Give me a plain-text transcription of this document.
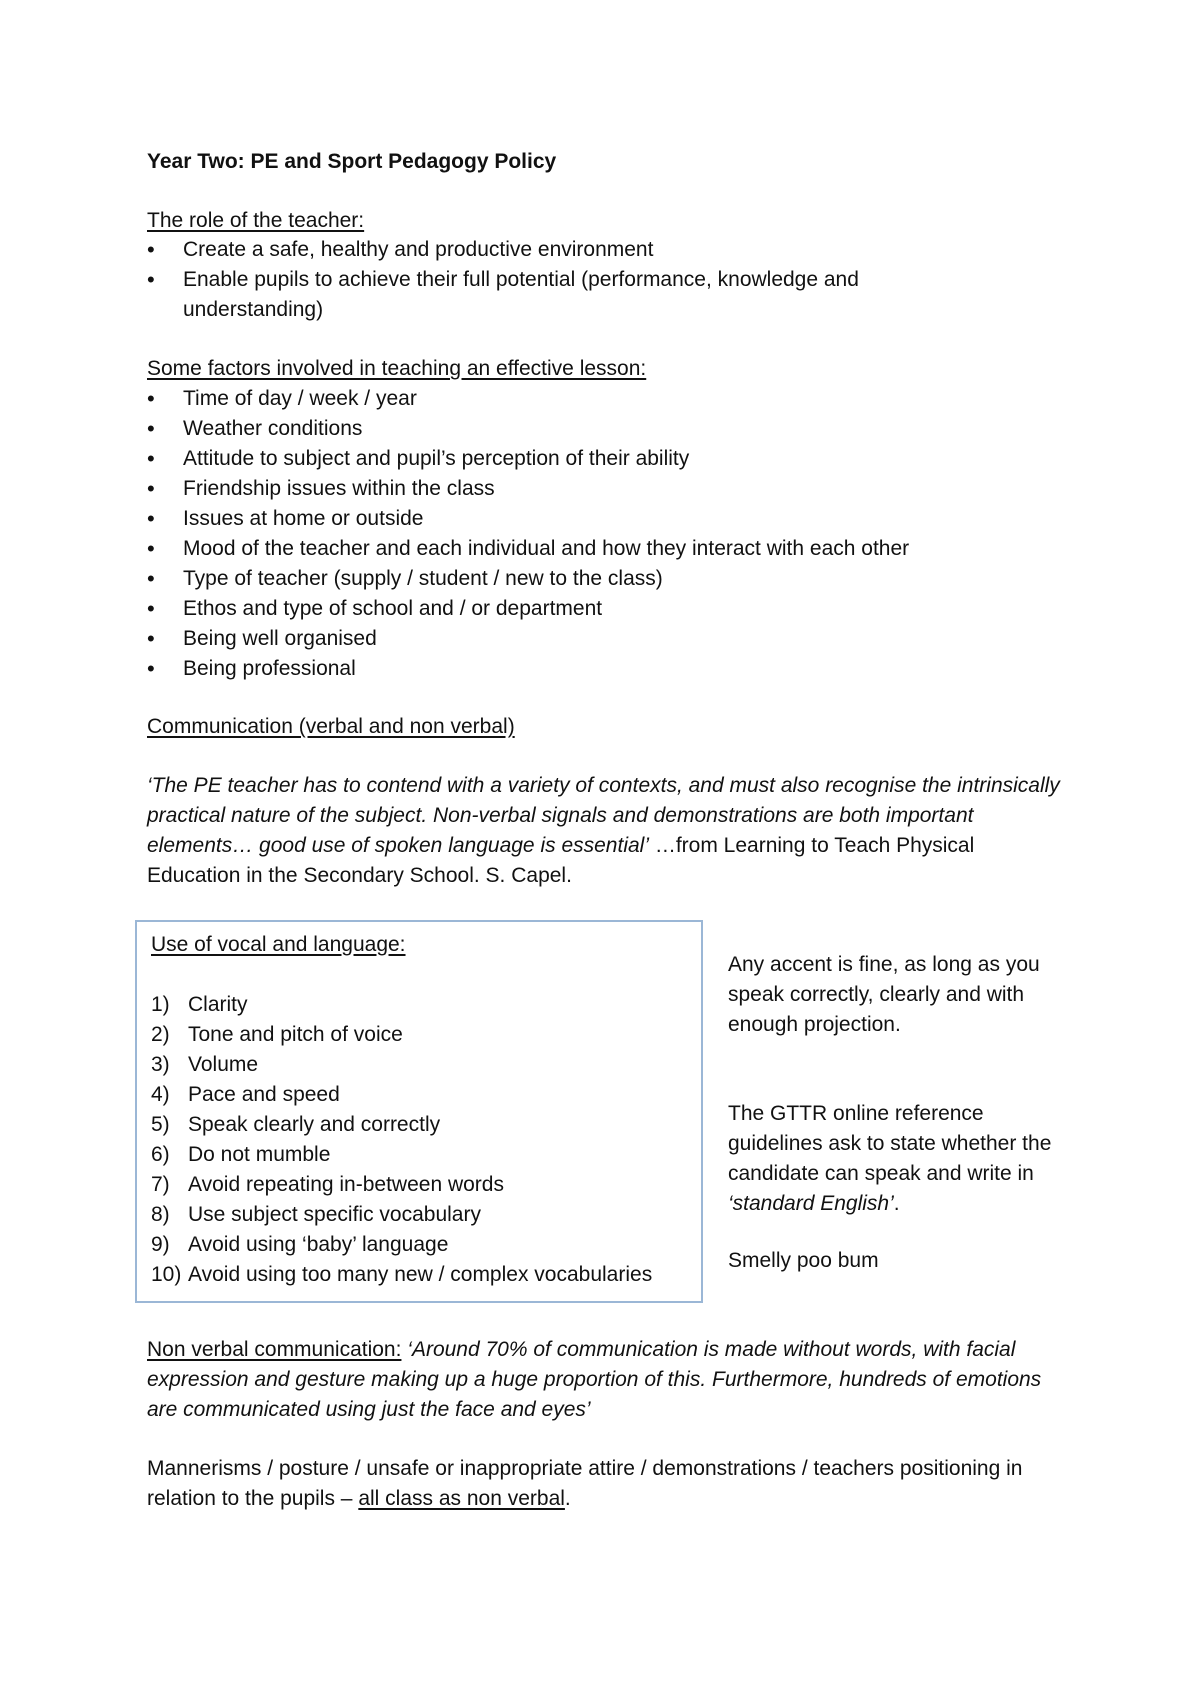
Year Two: PE and Sport Pedagogy Policy
The role of the teacher:
• Create a safe, healthy and productive environment
• Enable pupils to achieve their full potential (performance, knowledge and understanding)
Some factors involved in teaching an effective lesson:
• Time of day / week / year
• Weather conditions
• Attitude to subject and pupil’s perception of their ability
• Friendship issues within the class
• Issues at home or outside
• Mood of the teacher and each individual and how they interact with each other
• Type of teacher (supply / student / new to the class)
• Ethos and type of school and / or department
• Being well organised
• Being professional
Communication (verbal and non verbal)
‘The PE teacher has to contend with a variety of contexts, and must also recognise the intrinsically practical nature of the subject. Non-verbal signals and demonstrations are both important elements… good use of spoken language is essential’ …from Learning to Teach Physical Education in the Secondary School. S. Capel.
Use of vocal and language:
1) Clarity
2) Tone and pitch of voice
3) Volume
4) Pace and speed
5) Speak clearly and correctly
6) Do not mumble
7) Avoid repeating in-between words
8) Use subject specific vocabulary
9) Avoid using ‘baby’ language
10) Avoid using too many new / complex vocabularies
Any accent is fine, as long as you speak correctly, clearly and with enough projection.
The GTTR online reference guidelines ask to state whether the candidate can speak and write in ‘standard English’.
Smelly poo bum
Non verbal communication: ‘Around 70% of communication is made without words, with facial expression and gesture making up a huge proportion of this. Furthermore, hundreds of emotions are communicated using just the face and eyes’
Mannerisms / posture / unsafe or inappropriate attire / demonstrations / teachers positioning in relation to the pupils – all class as non verbal.
